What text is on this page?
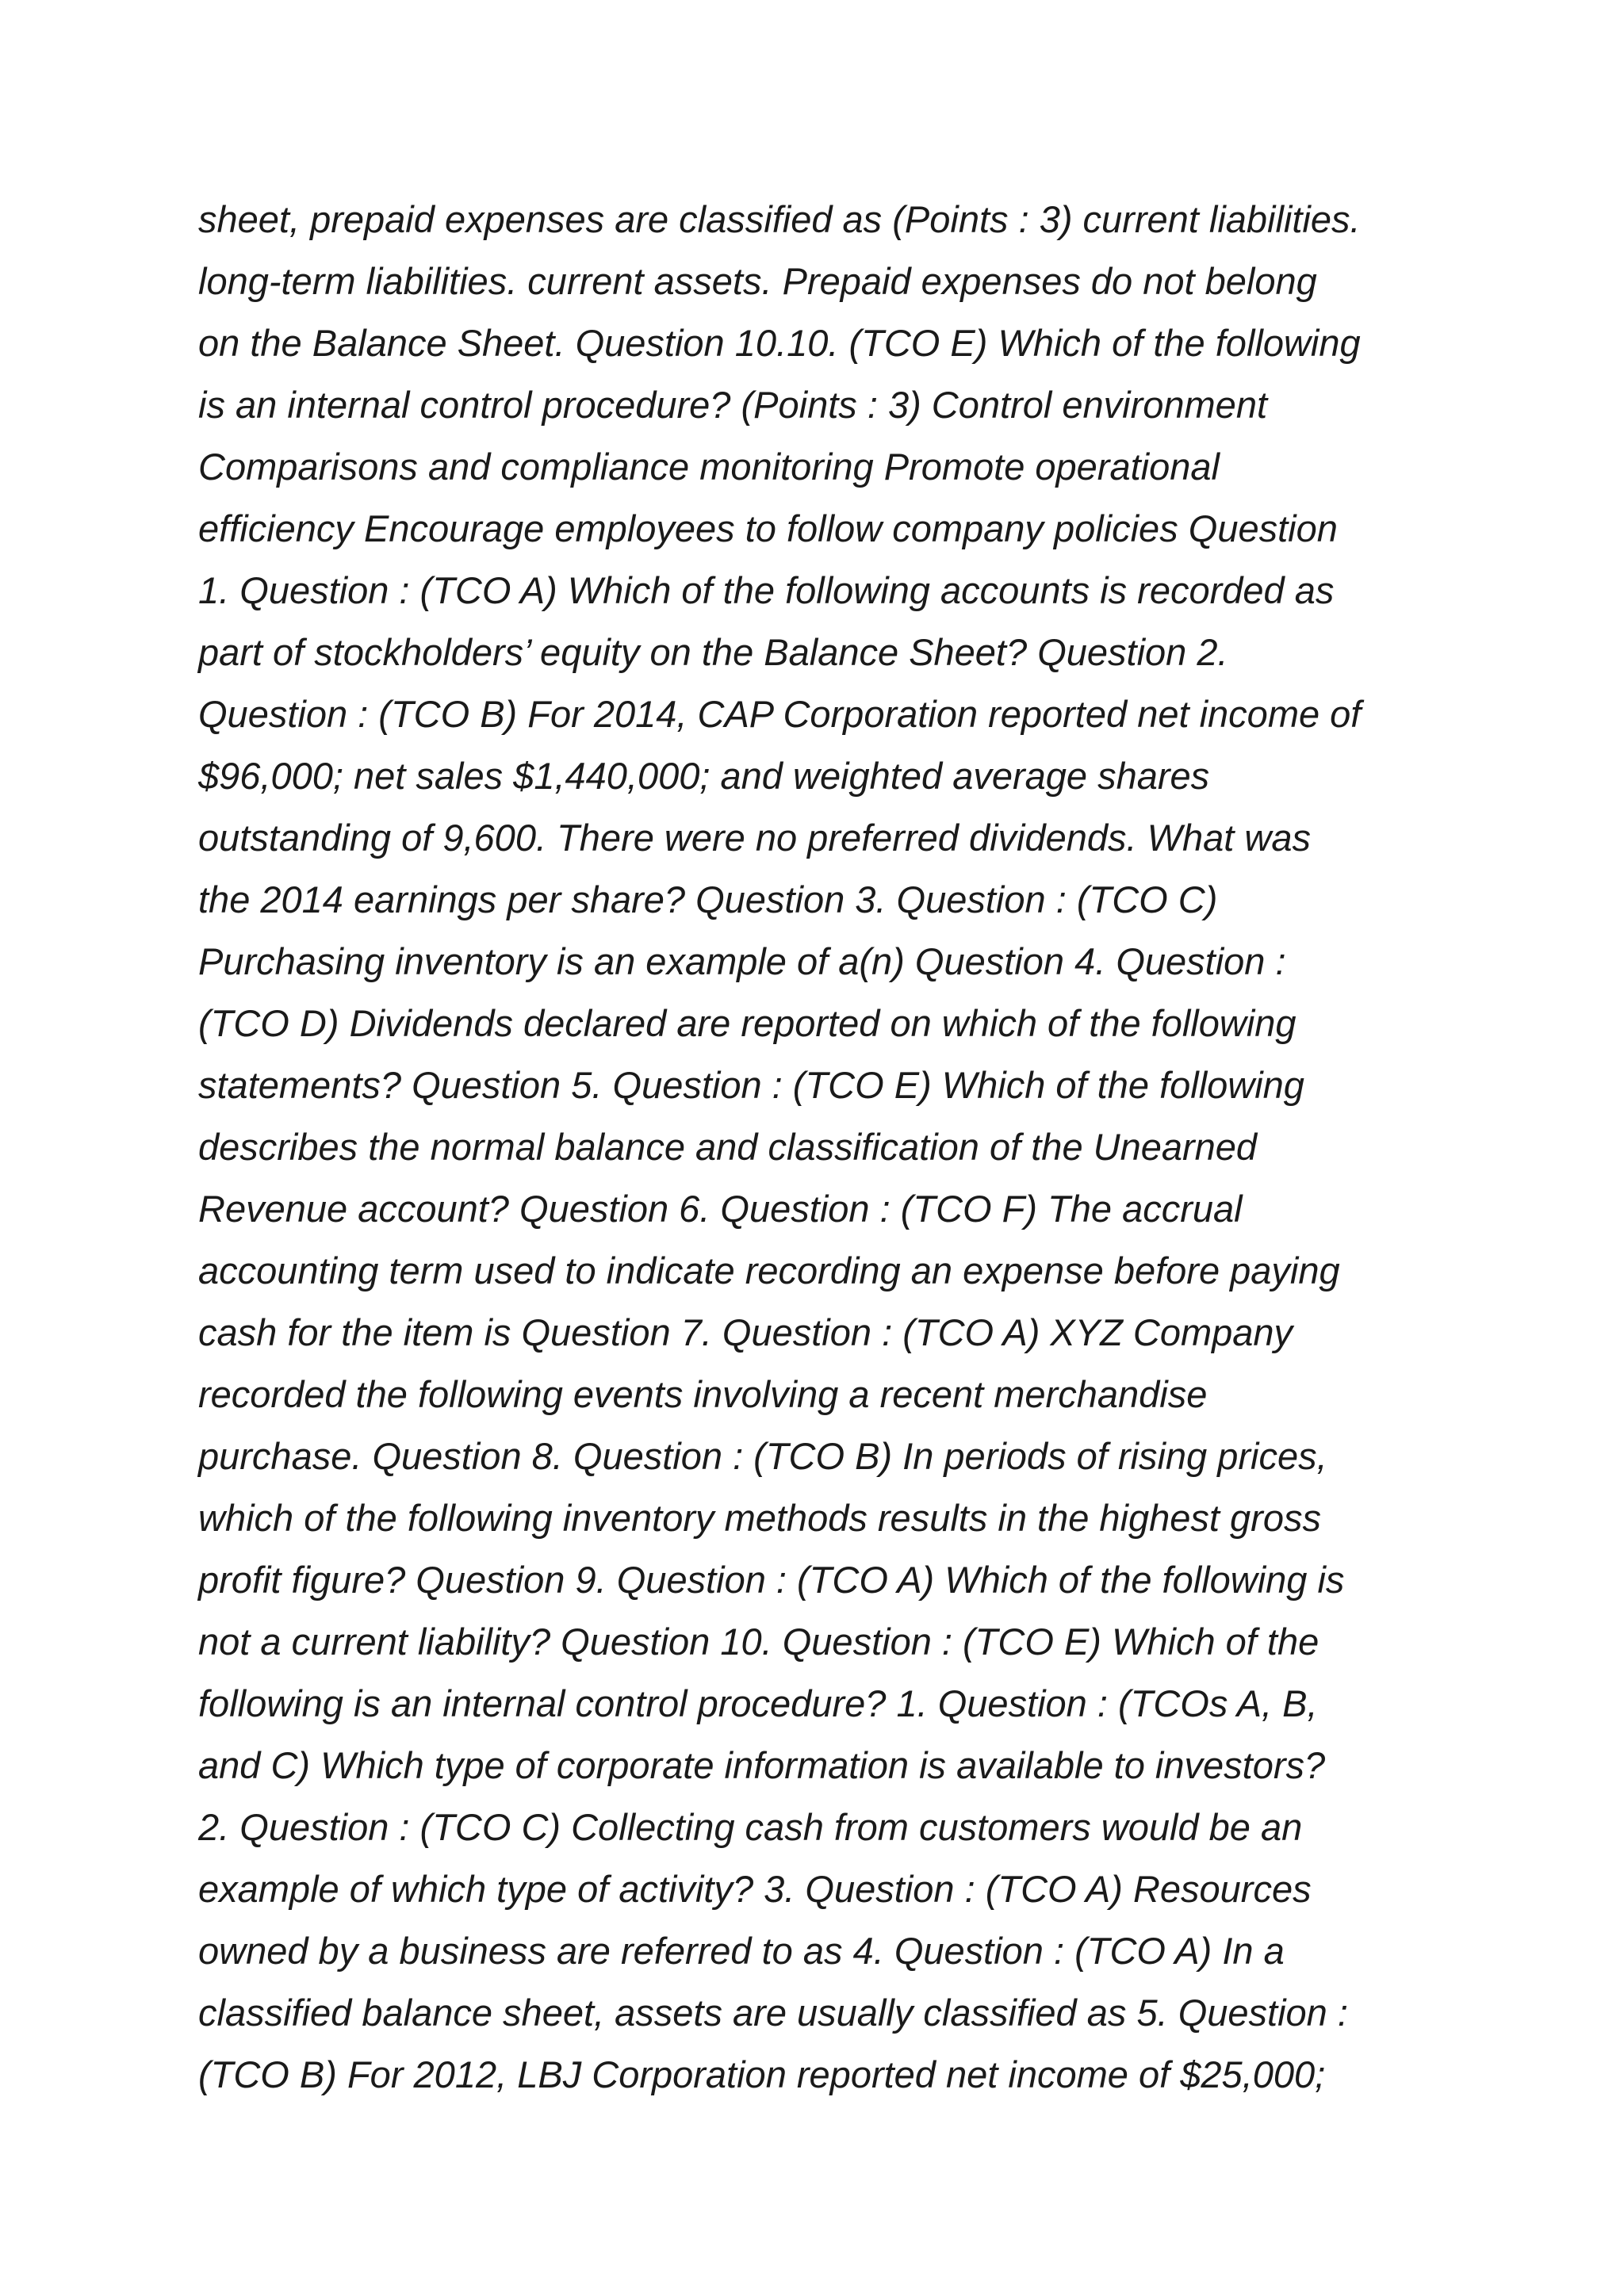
sheet, prepaid expenses are classified as (Points : 3) current liabilities.
long-term liabilities. current assets. Prepaid expenses do not belong
on the Balance Sheet. Question 10.10. (TCO E) Which of the following
is an internal control procedure? (Points : 3) Control environment
Comparisons and compliance monitoring Promote operational
efficiency Encourage employees to follow company policies Question
1. Question : (TCO A) Which of the following accounts is recorded as
part of stockholders’ equity on the Balance Sheet? Question 2.
Question : (TCO B) For 2014, CAP Corporation reported net income of
$96,000; net sales $1,440,000; and weighted average shares
outstanding of 9,600. There were no preferred dividends. What was
the 2014 earnings per share? Question 3. Question : (TCO C)
Purchasing inventory is an example of a(n) Question 4. Question :
(TCO D) Dividends declared are reported on which of the following
statements? Question 5. Question : (TCO E) Which of the following
describes the normal balance and classification of the Unearned
Revenue account? Question 6. Question : (TCO F) The accrual
accounting term used to indicate recording an expense before paying
cash for the item is Question 7. Question : (TCO A) XYZ Company
recorded the following events involving a recent merchandise
purchase. Question 8. Question : (TCO B) In periods of rising prices,
which of the following inventory methods results in the highest gross
profit figure? Question 9. Question : (TCO A) Which of the following is
not a current liability? Question 10. Question : (TCO E) Which of the
following is an internal control procedure? 1. Question : (TCOs A, B,
and C) Which type of corporate information is available to investors?
2. Question : (TCO C) Collecting cash from customers would be an
example of which type of activity? 3. Question : (TCO A) Resources
owned by a business are referred to as 4. Question : (TCO A) In a
classified balance sheet, assets are usually classified as 5. Question :
(TCO B) For 2012, LBJ Corporation reported net income of $25,000;
